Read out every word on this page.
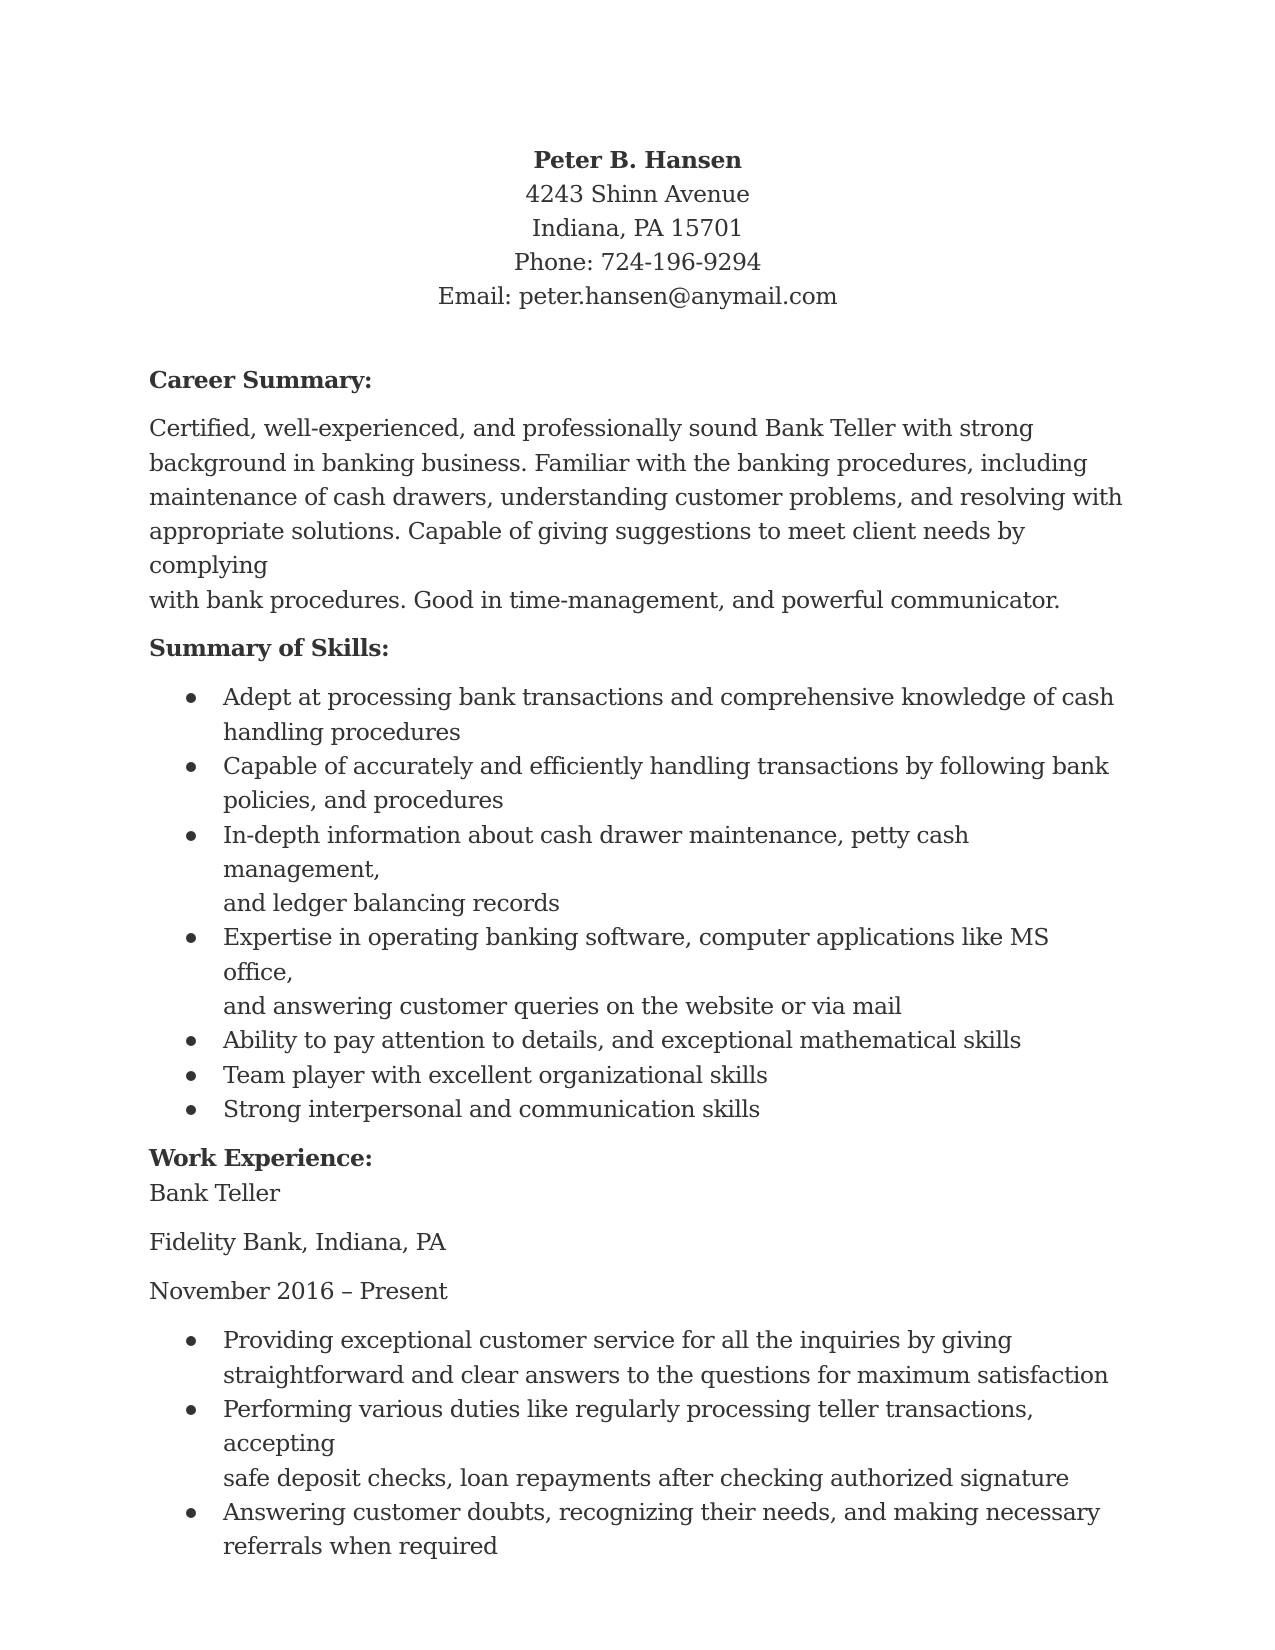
Peter B. Hansen
4243 Shinn Avenue
Indiana, PA 15701
Phone: 724-196-9294
Email: peter.hansen@anymail.com
Career Summary:
Certified, well-experienced, and professionally sound Bank Teller with strong
background in banking business. Familiar with the banking procedures, including
maintenance of cash drawers, understanding customer problems, and resolving with
appropriate solutions. Capable of giving suggestions to meet client needs by complying
with bank procedures. Good in time-management, and powerful communicator.
Summary of Skills:
Adept at processing bank transactions and comprehensive knowledge of cash
handling procedures
Capable of accurately and efficiently handling transactions by following bank
policies, and procedures
In-depth information about cash drawer maintenance, petty cash management,
and ledger balancing records
Expertise in operating banking software, computer applications like MS office,
and answering customer queries on the website or via mail
Ability to pay attention to details, and exceptional mathematical skills
Team player with excellent organizational skills
Strong interpersonal and communication skills
Work Experience:
Bank Teller
Fidelity Bank, Indiana, PA
November 2016 – Present
Providing exceptional customer service for all the inquiries by giving
straightforward and clear answers to the questions for maximum satisfaction
Performing various duties like regularly processing teller transactions, accepting
safe deposit checks, loan repayments after checking authorized signature
Answering customer doubts, recognizing their needs, and making necessary
referrals when required
